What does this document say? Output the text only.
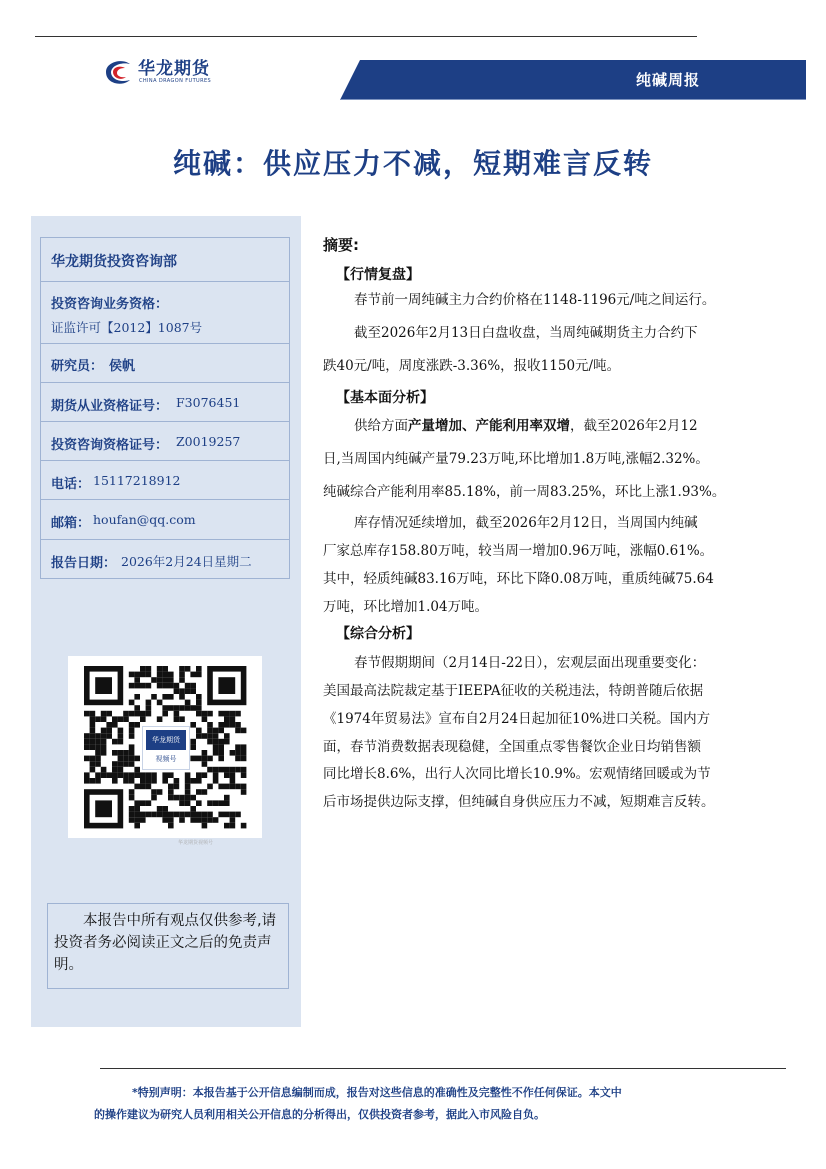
华龙期货
CHINA DRAGON FUTURES	纯碱周报
纯碱：供应压力不减，短期难言反转
华龙期货投资咨询部
投资咨询业务资格：
证监许可【2012】1087号
研究员： 侯帆
期货从业资格证号： F3076451
投资咨询资格证号： Z0019257
电话： 15117218912
邮箱： houfan@qq.com
报告日期： 2026年2月24日星期二
华龙期货
视频号
华龙期货视频号
本报告中所有观点仅供参考,请投资者务必阅读正文之后的免责声明。
摘要:
【行情复盘】
春节前一周纯碱主力合约价格在1148-1196元/吨之间运行。
截至2026年2月13日白盘收盘，当周纯碱期货主力合约下
跌40元/吨，周度涨跌-3.36%，报收1150元/吨。
【基本面分析】
供给方面产量增加、产能利用率双增，截至2026年2月12
日,当周国内纯碱产量79.23万吨,环比增加1.8万吨,涨幅2.32%。
纯碱综合产能利用率85.18%，前一周83.25%，环比上涨1.93%。
库存情况延续增加，截至2026年2月12日，当周国内纯碱
厂家总库存158.80万吨，较当周一增加0.96万吨，涨幅0.61%。
其中，轻质纯碱83.16万吨，环比下降0.08万吨，重质纯碱75.64
万吨，环比增加1.04万吨。
【综合分析】
春节假期期间（2月14日-22日），宏观层面出现重要变化：
美国最高法院裁定基于IEEPA征收的关税违法，特朗普随后依据
《1974年贸易法》宣布自2月24日起加征10%进口关税。国内方
面，春节消费数据表现稳健，全国重点零售餐饮企业日均销售额
同比增长8.6%，出行人次同比增长10.9%。宏观情绪回暖或为节
后市场提供边际支撑，但纯碱自身供应压力不减，短期难言反转。
*特别声明：本报告基于公开信息编制而成，报告对这些信息的准确性及完整性不作任何保证。本文中
的操作建议为研究人员利用相关公开信息的分析得出，仅供投资者参考，据此入市风险自负。
